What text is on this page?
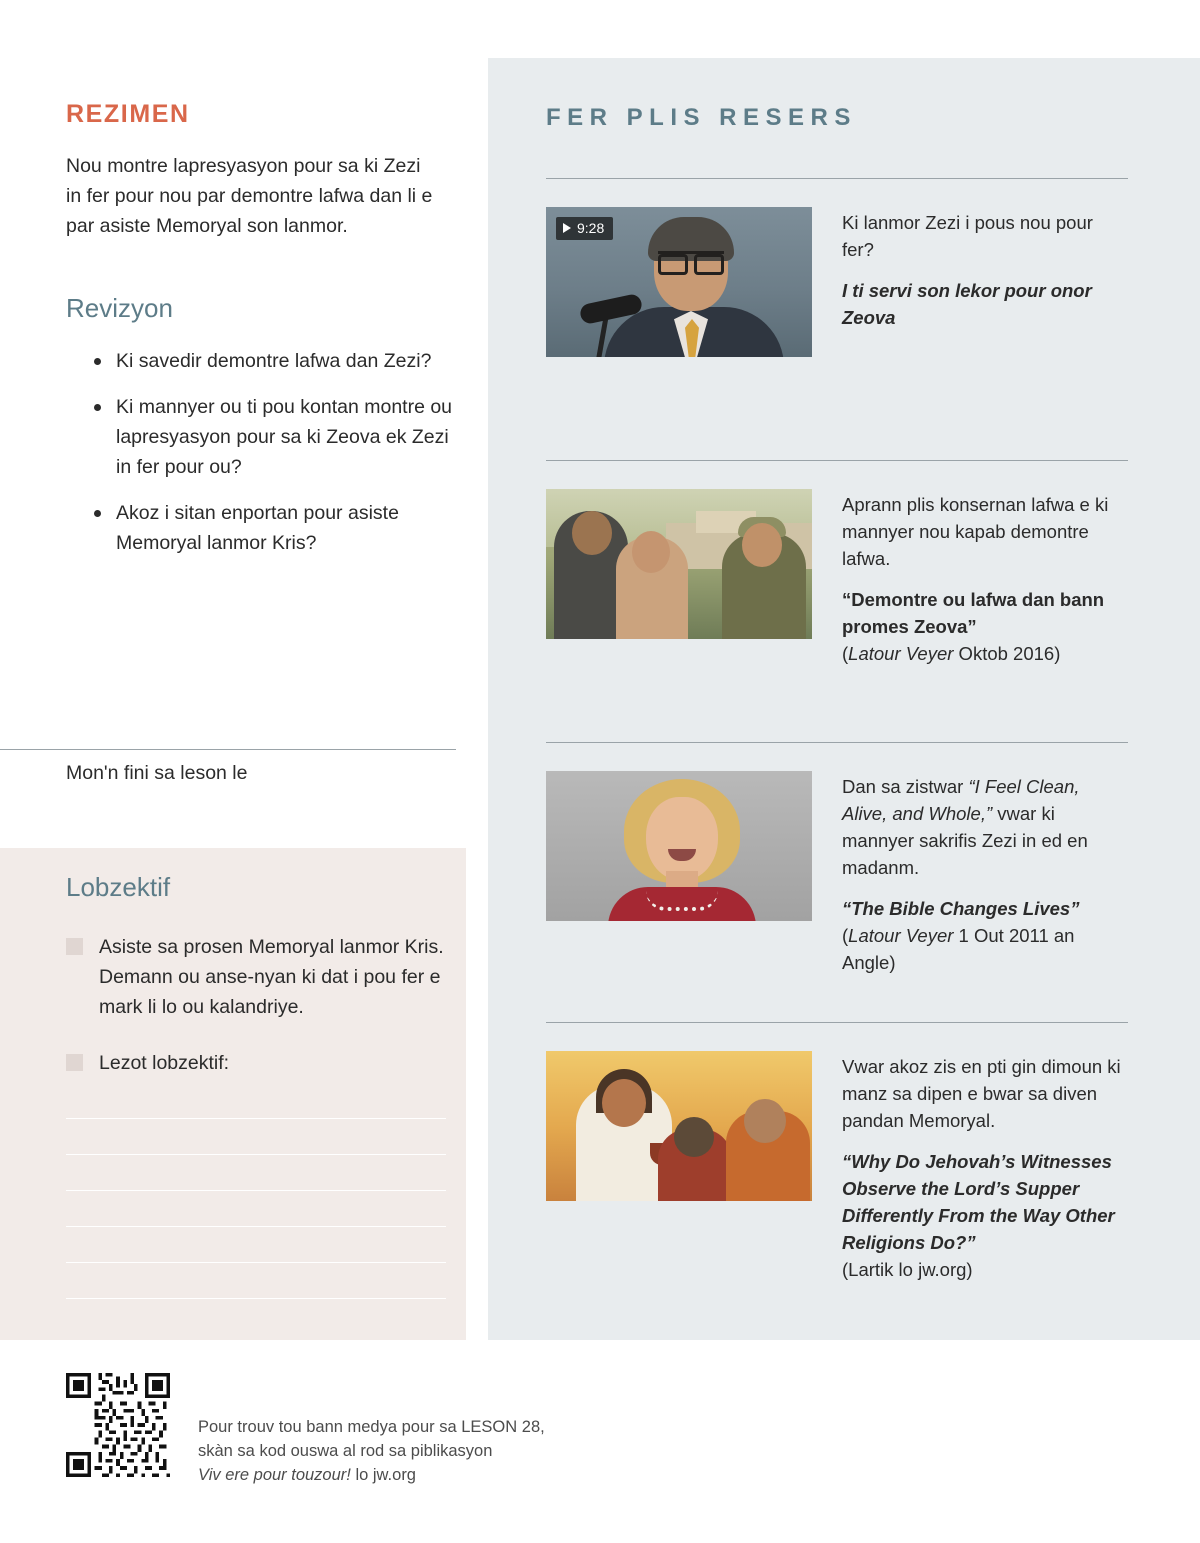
REZIMEN

Nou montre lapresyasyon pour sa ki Zezi in fer pour nou par demontre lafwa dan li e par asiste Memoryal son lanmor.

Revizyon
Ki savedir demontre lafwa dan Zezi?
Ki mannyer ou ti pou kontan montre ou lapresyasyon pour sa ki Zeova ek Zezi in fer pour ou?
Akoz i sitan enportan pour asiste Memoryal lanmor Kris?
Mon'n fini sa leson le
Lobzektif
Asiste sa prosen Memoryal lanmor Kris. Demann ou anse-nyan ki dat i pou fer e mark li lo ou kalandriye.
Lezot lobzektif:
FER PLIS RESERS
9:28	Ki lanmor Zezi i pous nou pour fer?

I ti servi son lekor pour onor Zeova

Aprann plis konsernan lafwa e ki mannyer nou kapab demontre lafwa.

“Demontre ou lafwa dan bann promes Zeova”

(Latour Veyer Oktob 2016)

Dan sa zistwar “I Feel Clean, Alive, and Whole,” vwar ki mannyer sakrifis Zezi in ed en madanm.

“The Bible Changes Lives”

(Latour Veyer 1 Out 2011 an Angle)

Vwar akoz zis en pti gin dimoun ki manz sa dipen e bwar sa diven pandan Memoryal.

“Why Do Jehovah’s Witnesses Observe the Lord’s Supper Differently From the Way Other Religions Do?”

(Lartik lo jw.org)

Pour trouv tou bann medya pour sa LESON 28,
skàn sa kod ouswa al rod sa piblikasyon
Viv ere pour touzour! lo jw.org
